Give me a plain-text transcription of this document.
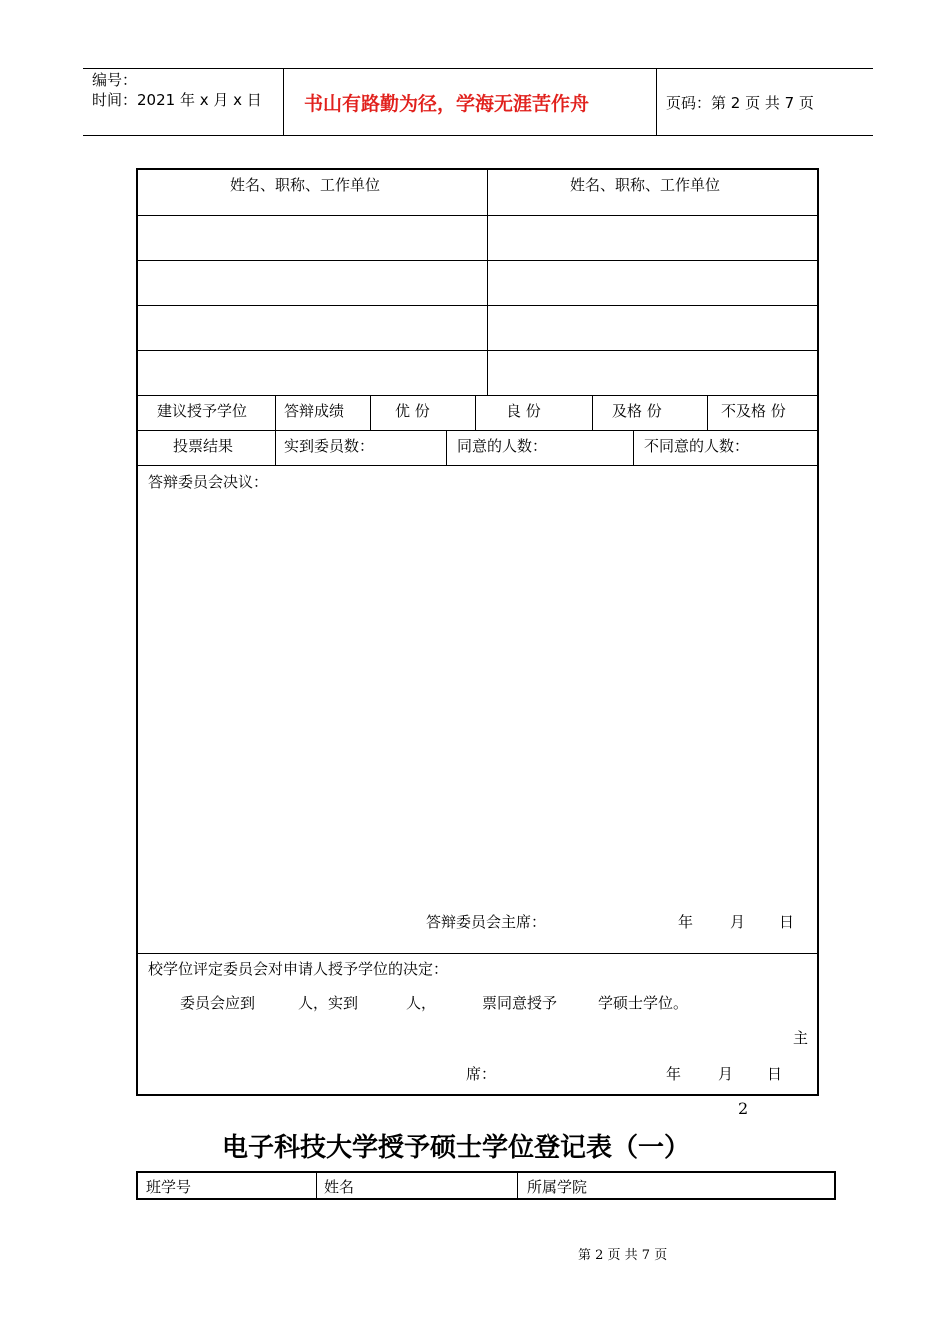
编号：
时间：2021 年 x 月 x 日 书山有路勤为径，学海无涯苦作舟	页码：第 2 页 共 7 页
姓名、职称、工作单位	姓名、职称、工作单位
建议授予学位 答辩成绩	优 份	良 份	及格 份	不及格 份
投票结果	实到委员数：	同意的人数：	不同意的人数：
答辩委员会决议：
答辩委员会主席：	年 月 日
校学位评定委员会对申请人授予学位的决定：
委员会应到	人，实到	人，	票同意授予	学硕士学位。
主
席：	年 月 日
2
电子科技大学授予硕士学位登记表（一）
班学号	姓名	所属学院
第 2 页 共 7 页
